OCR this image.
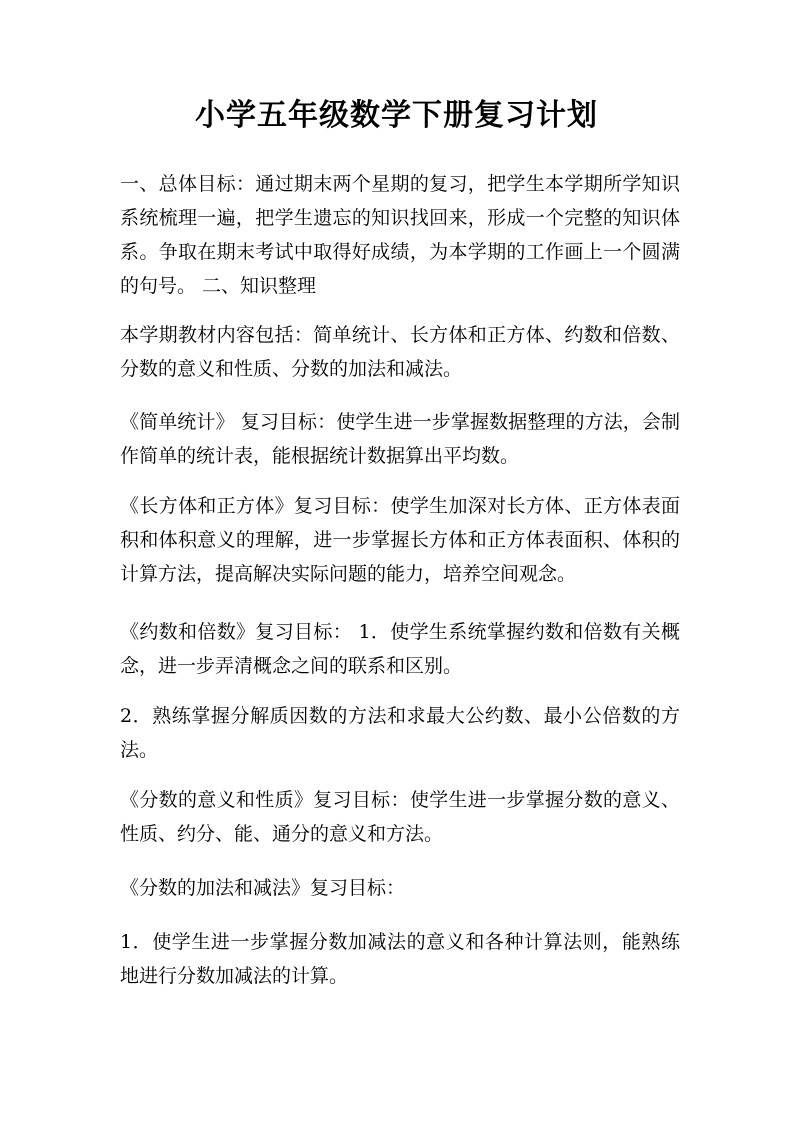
小学五年级数学下册复习计划

一、总体目标：通过期末两个星期的复习，把学生本学期所学知识系统梳理一遍，把学生遗忘的知识找回来，形成一个完整的知识体系。争取在期末考试中取得好成绩，为本学期的工作画上一个圆满的句号。 二、知识整理

本学期教材内容包括：简单统计、长方体和正方体、约数和倍数、分数的意义和性质、分数的加法和减法。

《简单统计》 复习目标：使学生进一步掌握数据整理的方法，会制作简单的统计表，能根据统计数据算出平均数。

《长方体和正方体》复习目标：使学生加深对长方体、正方体表面积和体积意义的理解，进一步掌握长方体和正方体表面积、体积的计算方法，提高解决实际问题的能力，培养空间观念。

《约数和倍数》复习目标： 1．使学生系统掌握约数和倍数有关概念，进一步弄清概念之间的联系和区别。

2．熟练掌握分解质因数的方法和求最大公约数、最小公倍数的方法。

《分数的意义和性质》复习目标：使学生进一步掌握分数的意义、性质、约分、能、通分的意义和方法。

《分数的加法和减法》复习目标：

1．使学生进一步掌握分数加减法的意义和各种计算法则，能熟练地进行分数加减法的计算。
